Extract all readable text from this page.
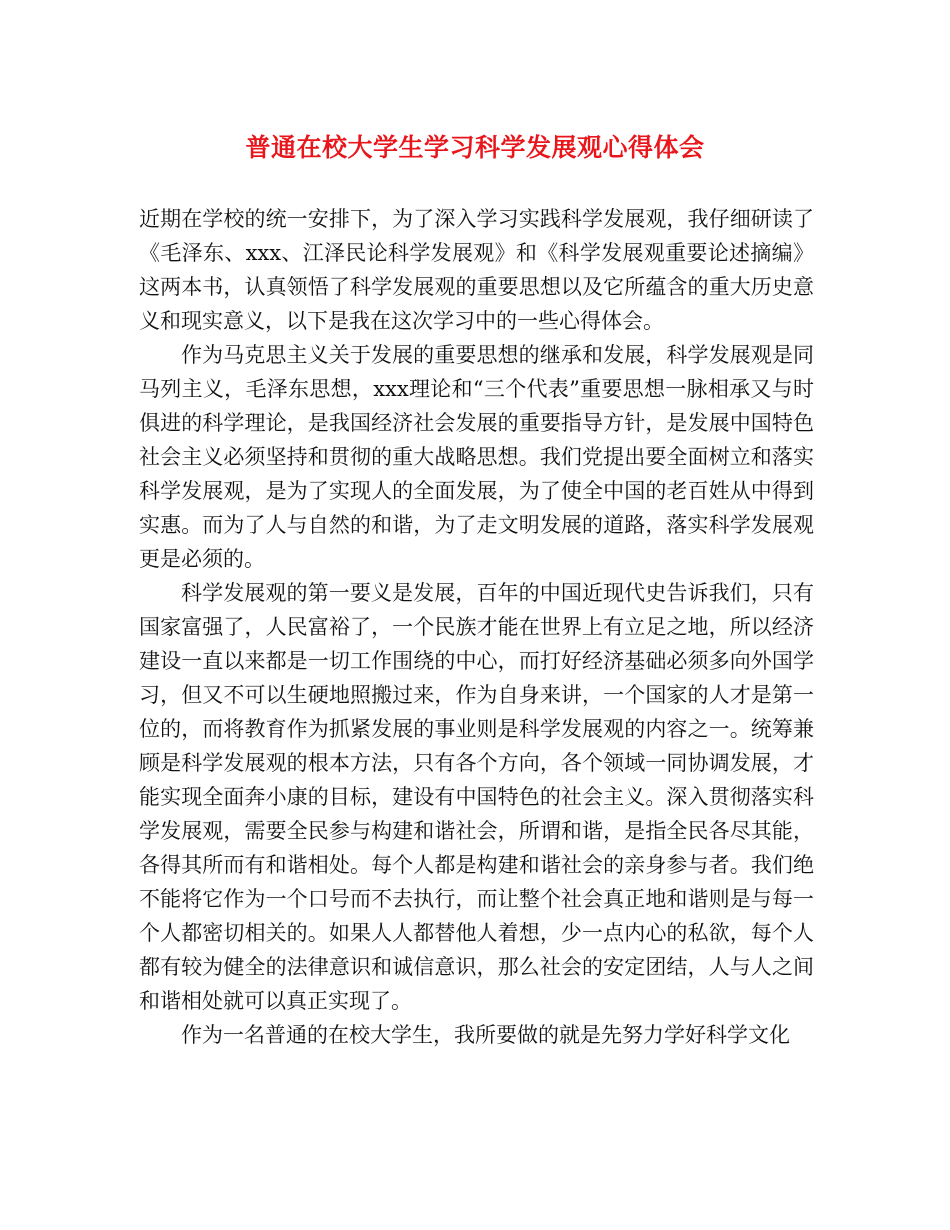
普通在校大学生学习科学发展观心得体会

近期在学校的统一安排下，为了深入学习实践科学发展观，我仔细研读了《毛泽东、xxx、江泽民论科学发展观》和《科学发展观重要论述摘编》这两本书，认真领悟了科学发展观的重要思想以及它所蕴含的重大历史意义和现实意义，以下是我在这次学习中的一些心得体会。

作为马克思主义关于发展的重要思想的继承和发展，科学发展观是同马列主义，毛泽东思想，xxx理论和“三个代表”重要思想一脉相承又与时俱进的科学理论，是我国经济社会发展的重要指导方针，是发展中国特色社会主义必须坚持和贯彻的重大战略思想。我们党提出要全面树立和落实科学发展观，是为了实现人的全面发展，为了使全中国的老百姓从中得到实惠。而为了人与自然的和谐，为了走文明发展的道路，落实科学发展观更是必须的。

科学发展观的第一要义是发展，百年的中国近现代史告诉我们，只有国家富强了，人民富裕了，一个民族才能在世界上有立足之地，所以经济建设一直以来都是一切工作围绕的中心，而打好经济基础必须多向外国学习，但又不可以生硬地照搬过来，作为自身来讲，一个国家的人才是第一位的，而将教育作为抓紧发展的事业则是科学发展观的内容之一。统筹兼顾是科学发展观的根本方法，只有各个方向，各个领域一同协调发展，才能实现全面奔小康的目标，建设有中国特色的社会主义。深入贯彻落实科学发展观，需要全民参与构建和谐社会，所谓和谐，是指全民各尽其能，各得其所而有和谐相处。每个人都是构建和谐社会的亲身参与者。我们绝不能将它作为一个口号而不去执行，而让整个社会真正地和谐则是与每一个人都密切相关的。如果人人都替他人着想，少一点内心的私欲，每个人都有较为健全的法律意识和诚信意识，那么社会的安定团结，人与人之间和谐相处就可以真正实现了。

作为一名普通的在校大学生，我所要做的就是先努力学好科学文化
